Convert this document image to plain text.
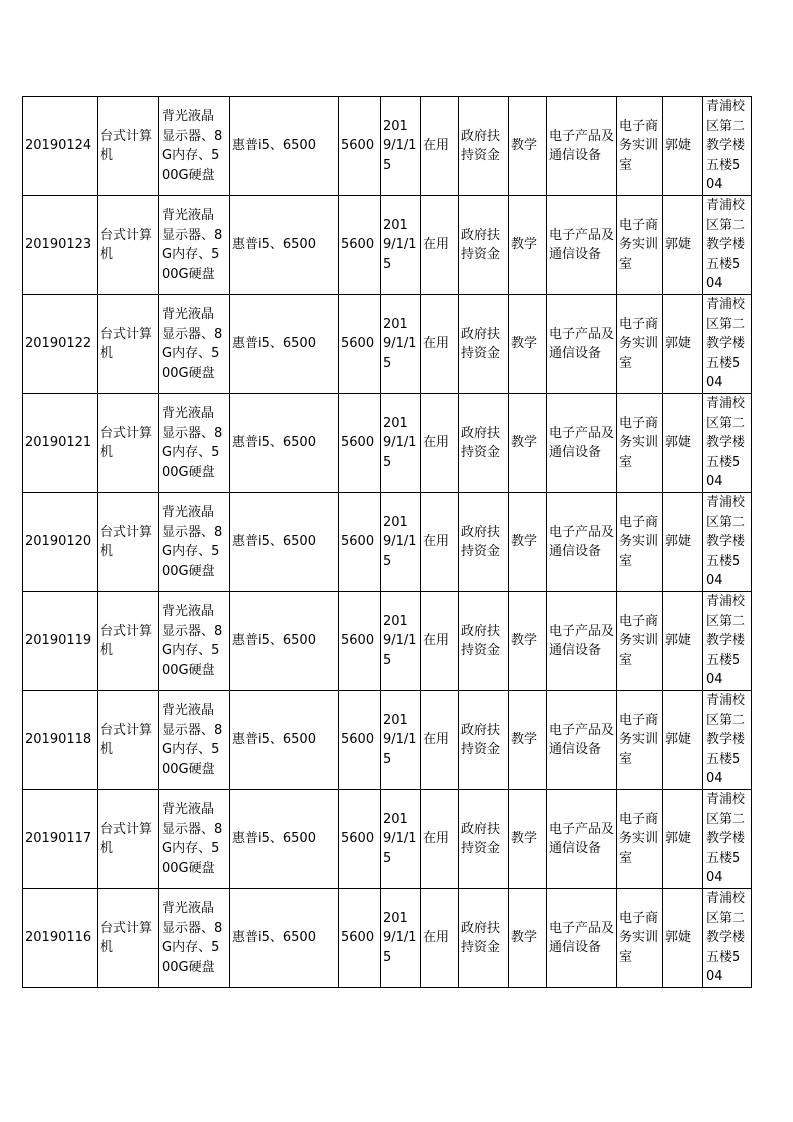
20190124	台式计算机	背光液晶显示器、8G内存、500G硬盘	惠普i5、6500	5600	2019/1/15	在用	政府扶持资金	教学	电子产品及通信设备	电子商务实训室	郭婕	青浦校区第二教学楼五楼504
20190123	台式计算机	背光液晶显示器、8G内存、500G硬盘	惠普i5、6500	5600	2019/1/15	在用	政府扶持资金	教学	电子产品及通信设备	电子商务实训室	郭婕	青浦校区第二教学楼五楼504
20190122	台式计算机	背光液晶显示器、8G内存、500G硬盘	惠普i5、6500	5600	2019/1/15	在用	政府扶持资金	教学	电子产品及通信设备	电子商务实训室	郭婕	青浦校区第二教学楼五楼504
20190121	台式计算机	背光液晶显示器、8G内存、500G硬盘	惠普i5、6500	5600	2019/1/15	在用	政府扶持资金	教学	电子产品及通信设备	电子商务实训室	郭婕	青浦校区第二教学楼五楼504
20190120	台式计算机	背光液晶显示器、8G内存、500G硬盘	惠普i5、6500	5600	2019/1/15	在用	政府扶持资金	教学	电子产品及通信设备	电子商务实训室	郭婕	青浦校区第二教学楼五楼504
20190119	台式计算机	背光液晶显示器、8G内存、500G硬盘	惠普i5、6500	5600	2019/1/15	在用	政府扶持资金	教学	电子产品及通信设备	电子商务实训室	郭婕	青浦校区第二教学楼五楼504
20190118	台式计算机	背光液晶显示器、8G内存、500G硬盘	惠普i5、6500	5600	2019/1/15	在用	政府扶持资金	教学	电子产品及通信设备	电子商务实训室	郭婕	青浦校区第二教学楼五楼504
20190117	台式计算机	背光液晶显示器、8G内存、500G硬盘	惠普i5、6500	5600	2019/1/15	在用	政府扶持资金	教学	电子产品及通信设备	电子商务实训室	郭婕	青浦校区第二教学楼五楼504
20190116	台式计算机	背光液晶显示器、8G内存、500G硬盘	惠普i5、6500	5600	2019/1/15	在用	政府扶持资金	教学	电子产品及通信设备	电子商务实训室	郭婕	青浦校区第二教学楼五楼504
